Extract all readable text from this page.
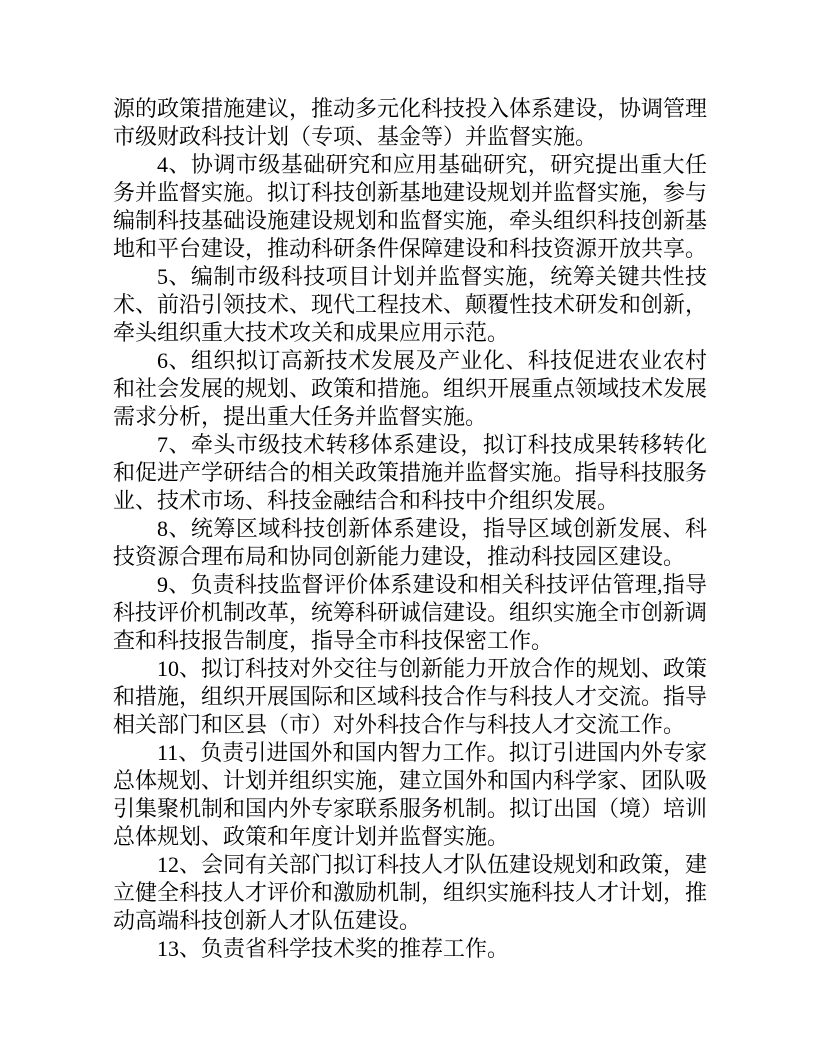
源的政策措施建议，推动多元化科技投入体系建设，协调管理市级财政科技计划（专项、基金等）并监督实施。

4、协调市级基础研究和应用基础研究，研究提出重大任务并监督实施。拟订科技创新基地建设规划并监督实施，参与编制科技基础设施建设规划和监督实施，牵头组织科技创新基地和平台建设，推动科研条件保障建设和科技资源开放共享。

5、编制市级科技项目计划并监督实施，统筹关键共性技术、前沿引领技术、现代工程技术、颠覆性技术研发和创新，牵头组织重大技术攻关和成果应用示范。

6、组织拟订高新技术发展及产业化、科技促进农业农村和社会发展的规划、政策和措施。组织开展重点领域技术发展需求分析，提出重大任务并监督实施。

7、牵头市级技术转移体系建设，拟订科技成果转移转化和促进产学研结合的相关政策措施并监督实施。指导科技服务业、技术市场、科技金融结合和科技中介组织发展。

8、统筹区域科技创新体系建设，指导区域创新发展、科技资源合理布局和协同创新能力建设，推动科技园区建设。

9、负责科技监督评价体系建设和相关科技评估管理,指导科技评价机制改革，统筹科研诚信建设。组织实施全市创新调查和科技报告制度，指导全市科技保密工作。

10、拟订科技对外交往与创新能力开放合作的规划、政策和措施，组织开展国际和区域科技合作与科技人才交流。指导相关部门和区县（市）对外科技合作与科技人才交流工作。

11、负责引进国外和国内智力工作。拟订引进国内外专家总体规划、计划并组织实施，建立国外和国内科学家、团队吸引集聚机制和国内外专家联系服务机制。拟订出国（境）培训总体规划、政策和年度计划并监督实施。

12、会同有关部门拟订科技人才队伍建设规划和政策，建立健全科技人才评价和激励机制，组织实施科技人才计划，推动高端科技创新人才队伍建设。

13、负责省科学技术奖的推荐工作。
